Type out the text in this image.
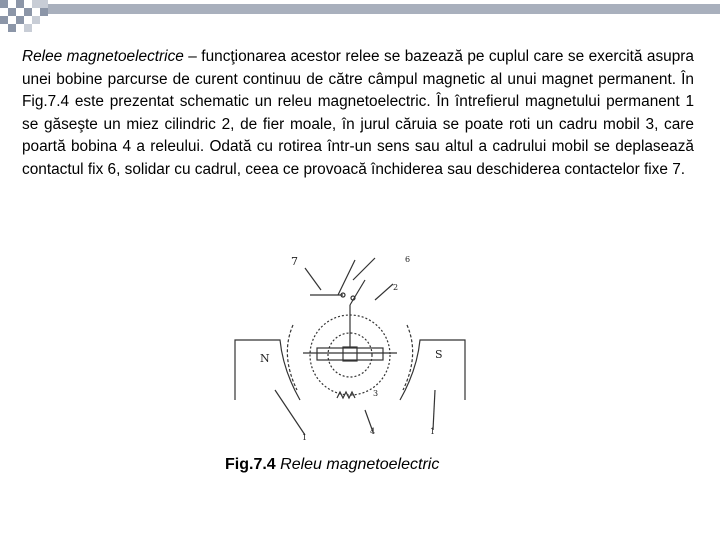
Relee magnetoelectrice – funcţionarea acestor relee se bazează pe cuplul care se exercită asupra unei bobine parcurse de curent continuu de către câmpul magnetic al unui magnet permanent. În Fig.7.4 este prezentat schematic un releu magnetoelectric. În întrefierul magnetului permanent 1 se găseşte un miez cilindric 2, de fier moale, în jurul căruia se poate roti un cadru mobil 3, care poartă bobina 4 a releului. Odată cu rotirea într-un sens sau altul a cadrului mobil se deplasează contactul fix 6, solidar cu cadrul, ceea ce provoacă închiderea sau deschiderea contactelor fixe 7.

7	6
2
N	S
3
4
1
1
Fig.7.4 Releu magnetoelectric
